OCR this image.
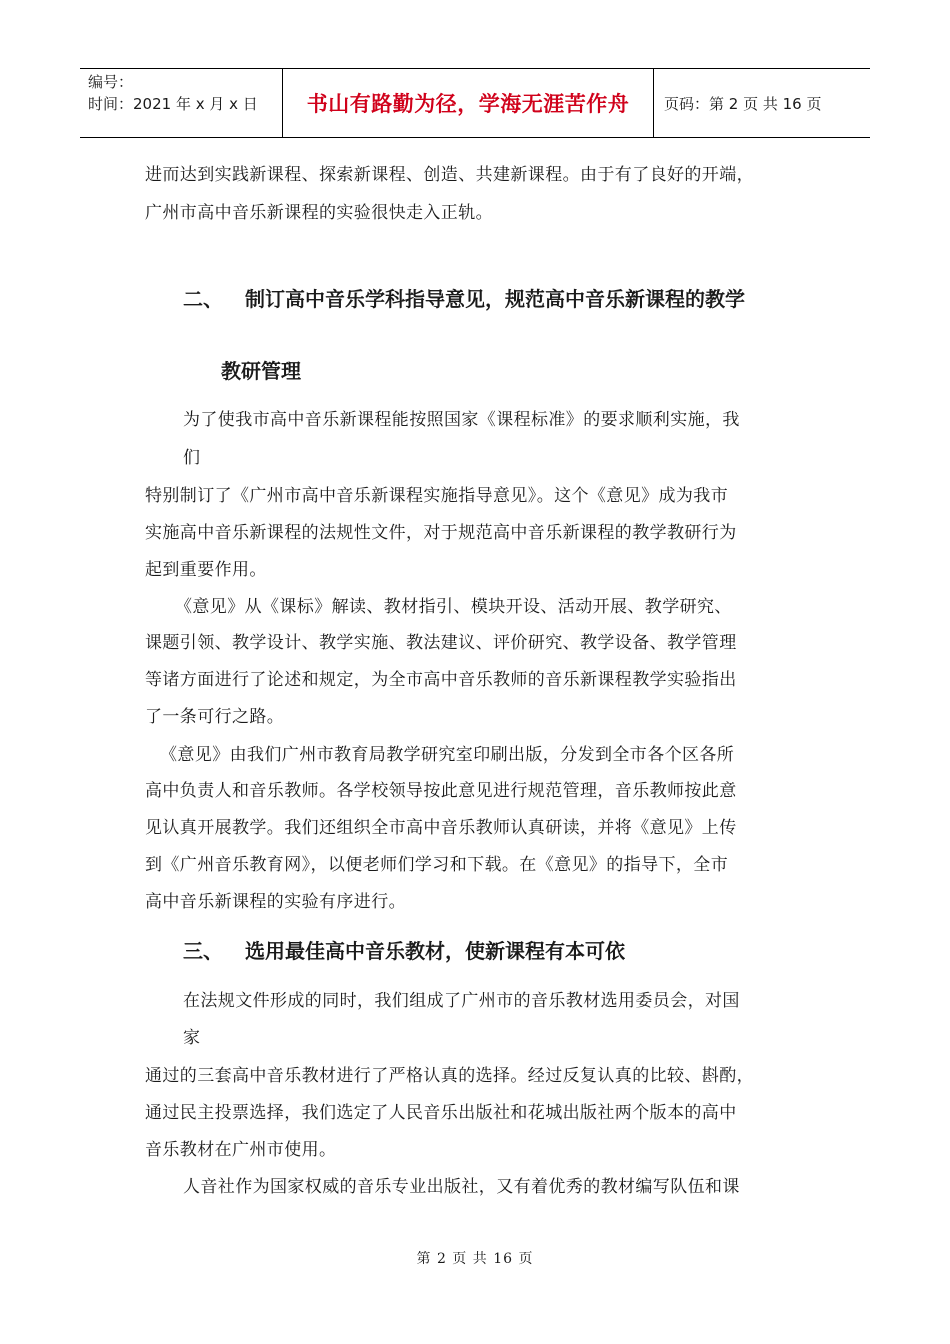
编号：
时间：2021 年 x 月 x 日	书山有路勤为径，学海无涯苦作舟 页码：第 2 页 共 16 页
进而达到实践新课程、探索新课程、创造、共建新课程。由于有了良好的开端，
广州市高中音乐新课程的实验很快走入正轨。
二、 制订高中音乐学科指导意见，规范高中音乐新课程的教学
教研管理
为了使我市高中音乐新课程能按照国家《课程标准》的要求顺利实施，我
们
特别制订了《广州市高中音乐新课程实施指导意见》。这个《意见》成为我市
实施高中音乐新课程的法规性文件，对于规范高中音乐新课程的教学教研行为
起到重要作用。
《意见》从《课标》解读、教材指引、模块开设、活动开展、教学研究、
课题引领、教学设计、教学实施、教法建议、评价研究、教学设备、教学管理
等诸方面进行了论述和规定，为全市高中音乐教师的音乐新课程教学实验指出
了一条可行之路。
《意见》由我们广州市教育局教学研究室印刷出版，分发到全市各个区各所
高中负责人和音乐教师。各学校领导按此意见进行规范管理，音乐教师按此意
见认真开展教学。我们还组织全市高中音乐教师认真研读，并将《意见》上传
到《广州音乐教育网》，以便老师们学习和下载。在《意见》的指导下，全市
高中音乐新课程的实验有序进行。
三、 选用最佳高中音乐教材，使新课程有本可依
在法规文件形成的同时，我们组成了广州市的音乐教材选用委员会，对国
家
通过的三套高中音乐教材进行了严格认真的选择。经过反复认真的比较、斟酌，
通过民主投票选择，我们选定了人民音乐出版社和花城出版社两个版本的高中
音乐教材在广州市使用。
人音社作为国家权威的音乐专业出版社，又有着优秀的教材编写队伍和课
第 2 页 共 16 页
